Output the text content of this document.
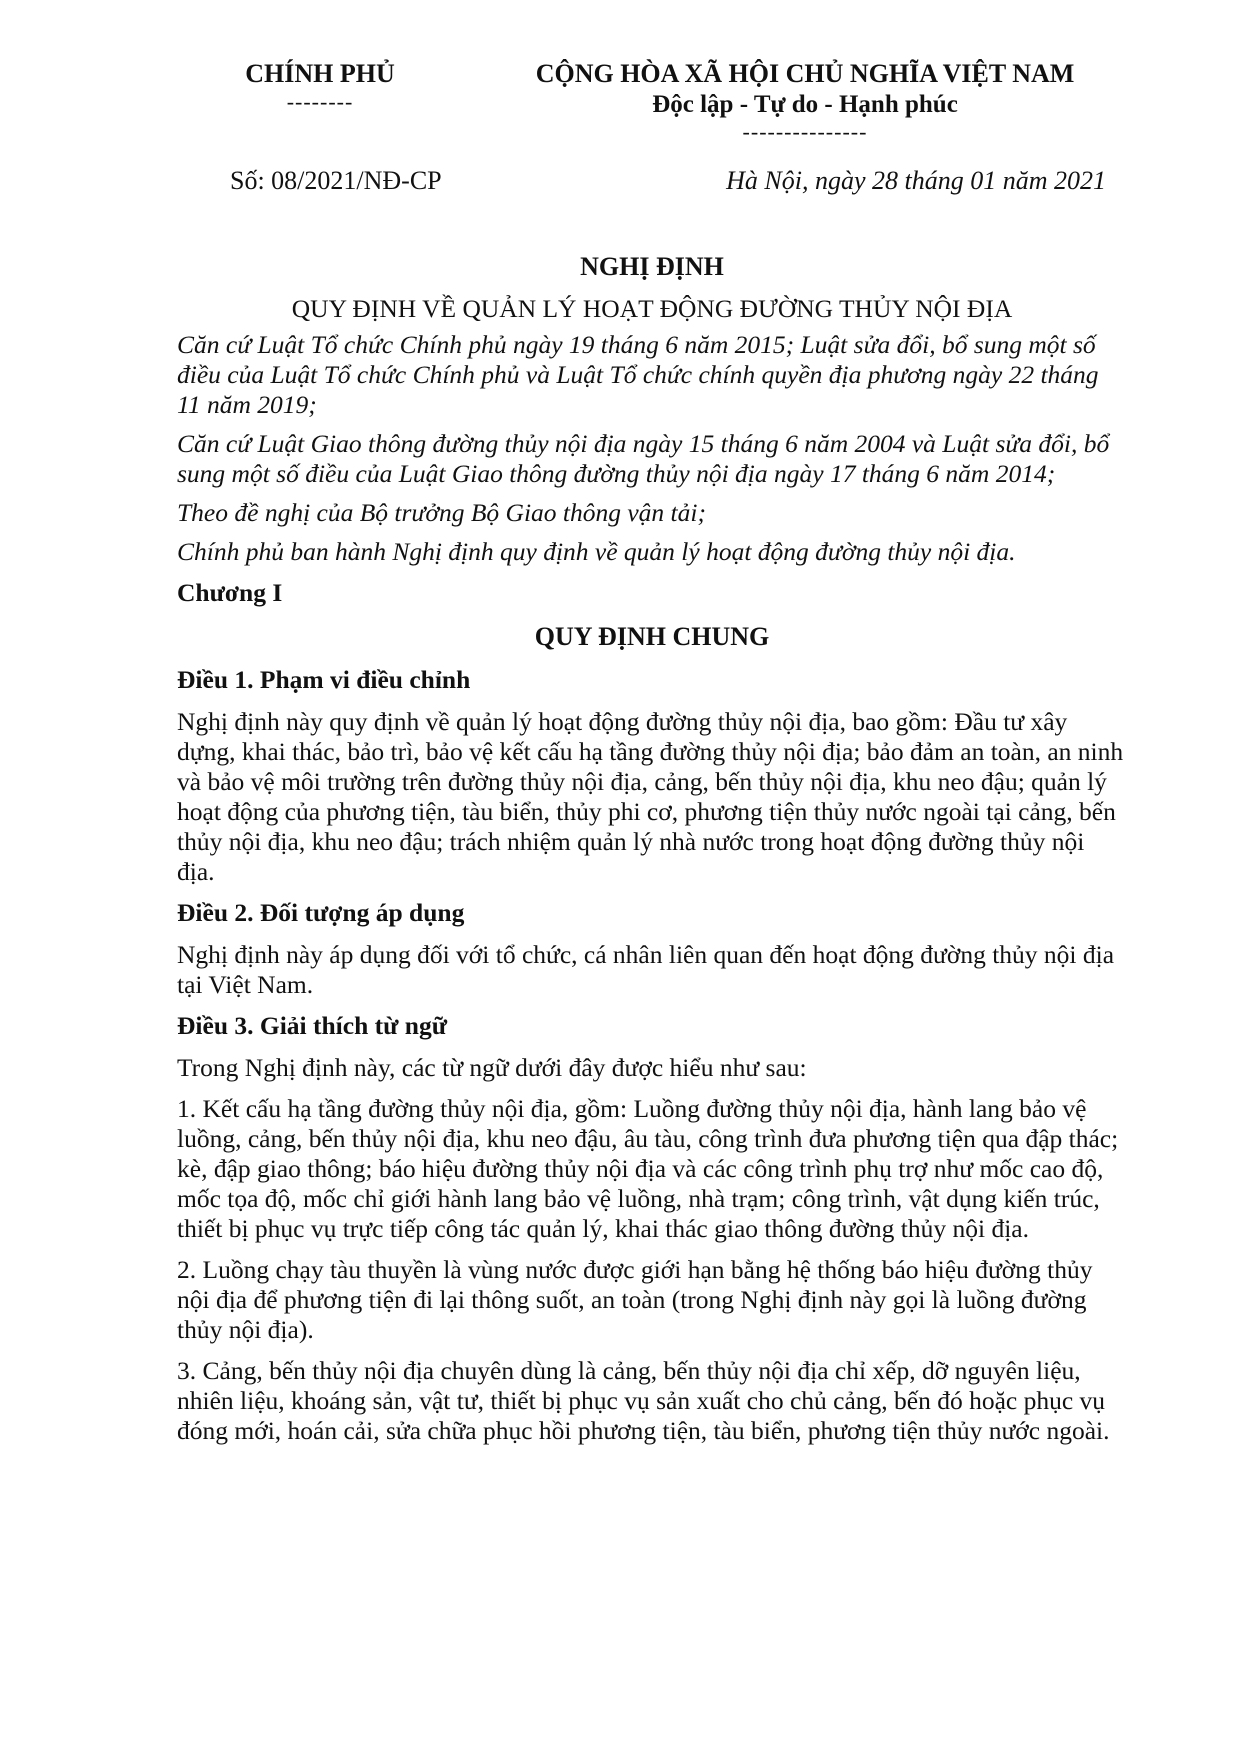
CHÍNH PHỦ
--------
CỘNG HÒA XÃ HỘI CHỦ NGHĨA VIỆT NAM
Độc lập - Tự do - Hạnh phúc
---------------
Số: 08/2021/NĐ-CP	Hà Nội, ngày 28 tháng 01 năm 2021

NGHỊ ĐỊNH

QUY ĐỊNH VỀ QUẢN LÝ HOẠT ĐỘNG ĐƯỜNG THỦY NỘI ĐỊA

Căn cứ Luật Tổ chức Chính phủ ngày 19 tháng 6 năm 2015; Luật sửa đổi, bổ sung một số điều của Luật Tổ chức Chính phủ và Luật Tổ chức chính quyền địa phương ngày 22 tháng 11 năm 2019;

Căn cứ Luật Giao thông đường thủy nội địa ngày 15 tháng 6 năm 2004 và Luật sửa đổi, bổ sung một số điều của Luật Giao thông đường thủy nội địa ngày 17 tháng 6 năm 2014;

Theo đề nghị của Bộ trưởng Bộ Giao thông vận tải;

Chính phủ ban hành Nghị định quy định về quản lý hoạt động đường thủy nội địa.

Chương I

QUY ĐỊNH CHUNG

Điều 1. Phạm vi điều chỉnh

Nghị định này quy định về quản lý hoạt động đường thủy nội địa, bao gồm: Đầu tư xây dựng, khai thác, bảo trì, bảo vệ kết cấu hạ tầng đường thủy nội địa; bảo đảm an toàn, an ninh và bảo vệ môi trường trên đường thủy nội địa, cảng, bến thủy nội địa, khu neo đậu; quản lý hoạt động của phương tiện, tàu biển, thủy phi cơ, phương tiện thủy nước ngoài tại cảng, bến thủy nội địa, khu neo đậu; trách nhiệm quản lý nhà nước trong hoạt động đường thủy nội địa.

Điều 2. Đối tượng áp dụng

Nghị định này áp dụng đối với tổ chức, cá nhân liên quan đến hoạt động đường thủy nội địa tại Việt Nam.

Điều 3. Giải thích từ ngữ

Trong Nghị định này, các từ ngữ dưới đây được hiểu như sau:

1. Kết cấu hạ tầng đường thủy nội địa, gồm: Luồng đường thủy nội địa, hành lang bảo vệ luồng, cảng, bến thủy nội địa, khu neo đậu, âu tàu, công trình đưa phương tiện qua đập thác; kè, đập giao thông; báo hiệu đường thủy nội địa và các công trình phụ trợ như mốc cao độ, mốc tọa độ, mốc chỉ giới hành lang bảo vệ luồng, nhà trạm; công trình, vật dụng kiến trúc, thiết bị phục vụ trực tiếp công tác quản lý, khai thác giao thông đường thủy nội địa.

2. Luồng chạy tàu thuyền là vùng nước được giới hạn bằng hệ thống báo hiệu đường thủy nội địa để phương tiện đi lại thông suốt, an toàn (trong Nghị định này gọi là luồng đường thủy nội địa).

3. Cảng, bến thủy nội địa chuyên dùng là cảng, bến thủy nội địa chỉ xếp, dỡ nguyên liệu, nhiên liệu, khoáng sản, vật tư, thiết bị phục vụ sản xuất cho chủ cảng, bến đó hoặc phục vụ đóng mới, hoán cải, sửa chữa phục hồi phương tiện, tàu biển, phương tiện thủy nước ngoài.
